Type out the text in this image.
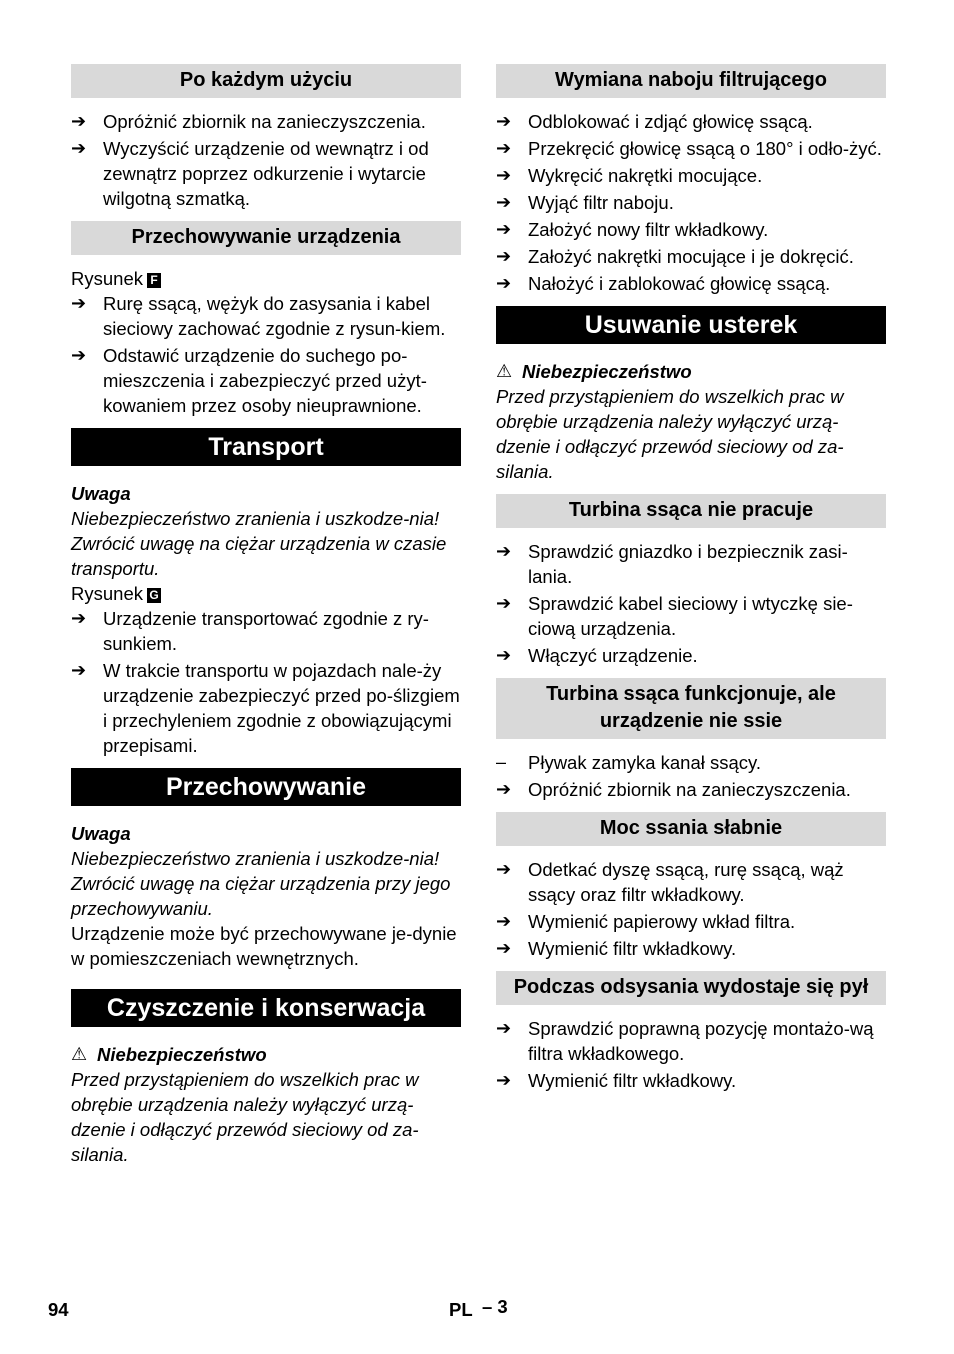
Po każdym użyciu
➔ Opróżnić zbiornik na zanieczyszczenia.
➔ Wyczyścić urządzenie od wewnątrz i od zewnątrz poprzez odkurzenie i wytarcie wilgotną szmatką.
Przechowywanie urządzenia
Rysunek F
➔ Rurę ssącą, wężyk do zasysania i kabel sieciowy zachować zgodnie z rysun-kiem.
➔ Odstawić urządzenie do suchego po-mieszczenia i zabezpieczyć przed użyt-kowaniem przez osoby nieuprawnione.
Transport
Uwaga
Niebezpieczeństwo zranienia i uszkodze-nia! Zwrócić uwagę na ciężar urządzenia w czasie transportu.
Rysunek G
➔ Urządzenie transportować zgodnie z ry-sunkiem.
➔ W trakcie transportu w pojazdach nale-ży urządzenie zabezpieczyć przed po-ślizgiem i przechyleniem zgodnie z obowiązującymi przepisami.
Przechowywanie
Uwaga
Niebezpieczeństwo zranienia i uszkodze-nia! Zwrócić uwagę na ciężar urządzenia przy jego przechowywaniu.
Urządzenie może być przechowywane je-dynie w pomieszczeniach wewnętrznych.
Czyszczenie i konserwacja
⚠ Niebezpieczeństwo
Przed przystąpieniem do wszelkich prac w obrębie urządzenia należy wyłączyć urzą-dzenie i odłączyć przewód sieciowy od za-silania.
Wymiana naboju filtrującego
➔ Odblokować i zdjąć głowicę ssącą.
➔ Przekręcić głowicę ssącą o 180° i odło-żyć.
➔ Wykręcić nakrętki mocujące.
➔ Wyjąć filtr naboju.
➔ Założyć nowy filtr wkładkowy.
➔ Założyć nakrętki mocujące i je dokręcić.
➔ Nałożyć i zablokować głowicę ssącą.
Usuwanie usterek
⚠ Niebezpieczeństwo
Przed przystąpieniem do wszelkich prac w obrębie urządzenia należy wyłączyć urzą-dzenie i odłączyć przewód sieciowy od za-silania.
Turbina ssąca nie pracuje
➔ Sprawdzić gniazdko i bezpiecznik zasi-lania.
➔ Sprawdzić kabel sieciowy i wtyczkę sie-ciową urządzenia.
➔ Włączyć urządzenie.
Turbina ssąca funkcjonuje, ale urządzenie nie ssie
–	Pływak zamyka kanał ssący.
➔ Opróżnić zbiornik na zanieczyszczenia.
Moc ssania słabnie
➔ Odetkać dyszę ssącą, rurę ssącą, wąż ssący oraz filtr wkładkowy.
➔ Wymienić papierowy wkład filtra.
➔ Wymienić filtr wkładkowy.
Podczas odsysania wydostaje się pył
➔ Sprawdzić poprawną pozycję montażo-wą filtra wkładkowego.
➔ Wymienić filtr wkładkowy.
94	PL – 3
